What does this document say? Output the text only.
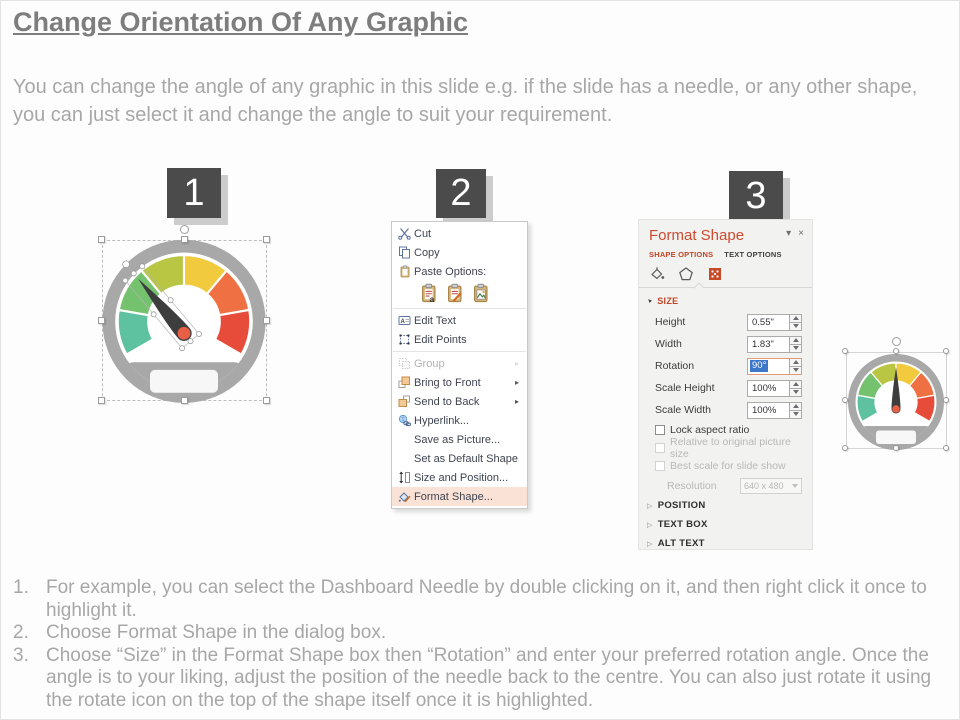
Change Orientation Of Any Graphic

You can change the angle of any graphic in this slide e.g. if the slide has a needle, or any other shape, you can just select it and change the angle to suit your requirement.

1	2	3
Cut
Copy
Paste Options:
a
A Edit Text
Edit Points
Group	▸
Bring to Front	▸
Send to Back	▸
Hyperlink...
Save as Picture...
Set as Default Shape
Size and Position...
Format Shape...
Format Shape	▾ ×
SHAPE OPTIONS TEXT OPTIONS
▲ SIZE
Height	0.55"
Width	1.83"
Rotation	90°
Scale Height	100%
Scale Width	100%
Lock aspect ratio
Relative to original picture size
Best scale for slide show
Resolution	640 x 480
▷ POSITION
▷ TEXT BOX
▷ ALT TEXT
1. For example, you can select the Dashboard Needle by double clicking on it, and then right click it once to highlight it.
2. Choose Format Shape in the dialog box.
3. Choose “Size” in the Format Shape box then “Rotation” and enter your preferred rotation angle. Once the angle is to your liking, adjust the position of the needle back to the centre. You can also just rotate it using the rotate icon on the top of the shape itself once it is highlighted.
